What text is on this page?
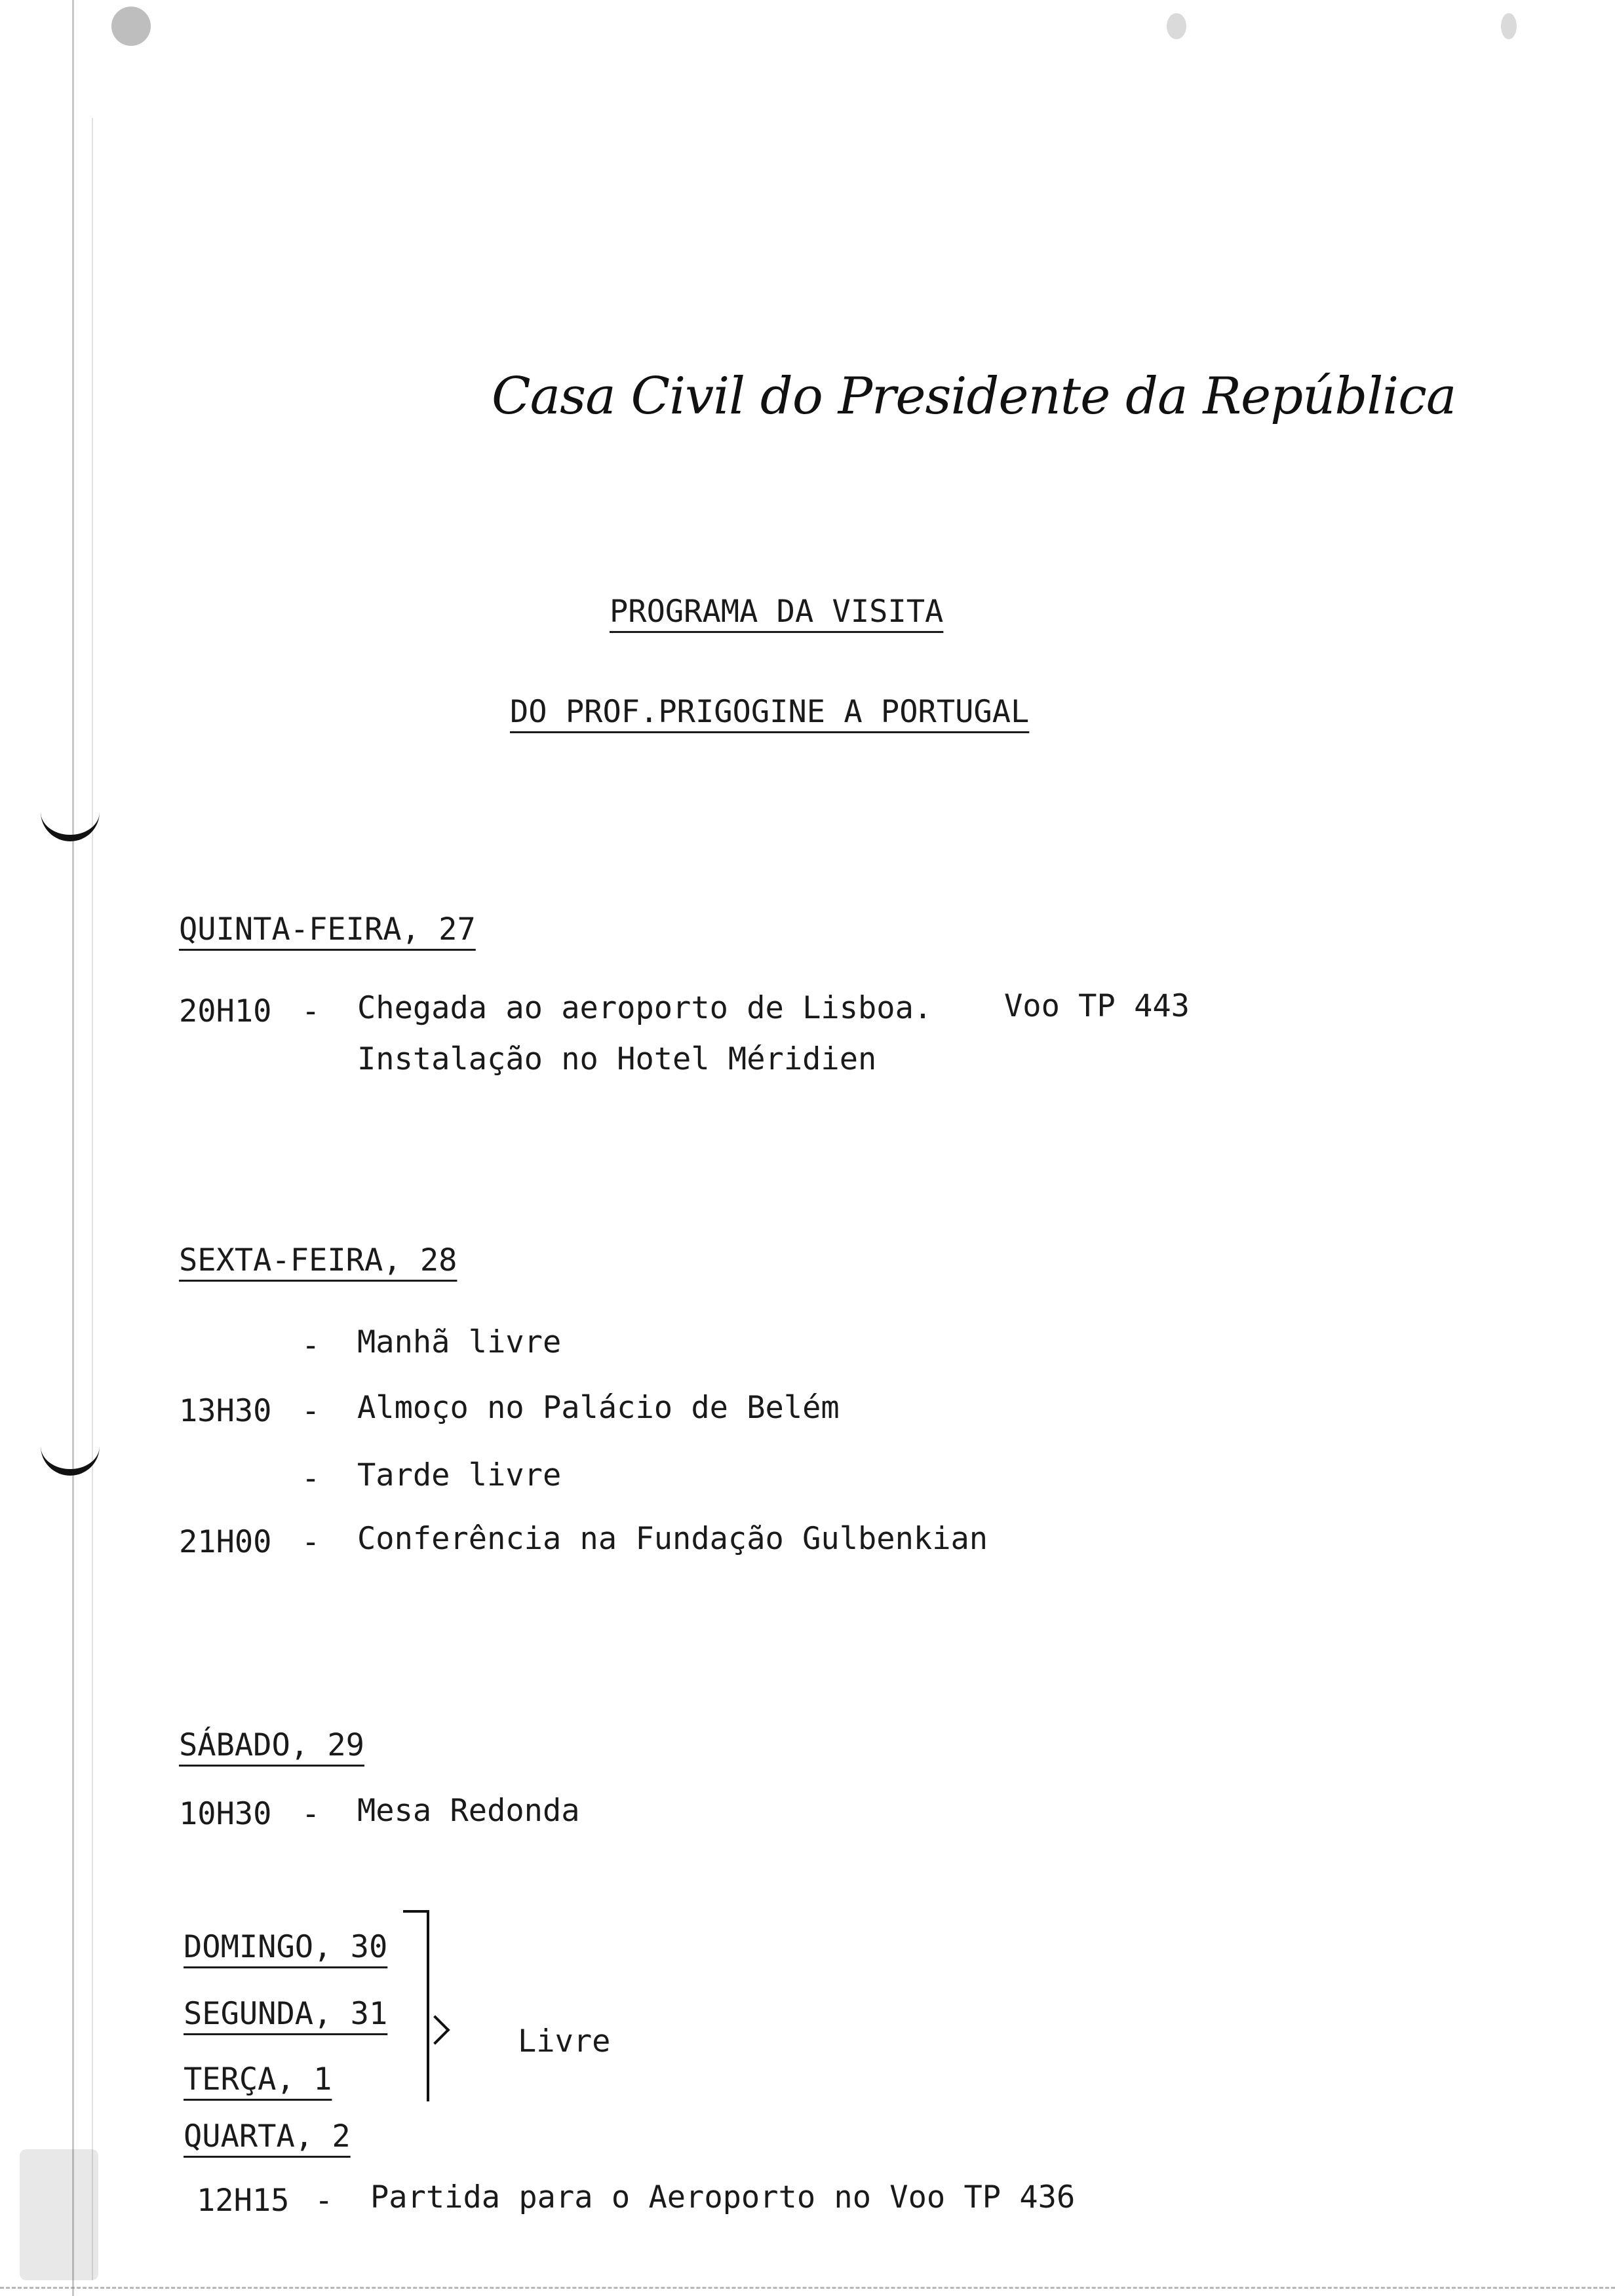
Casa Civil do Presidente da República
PROGRAMA DA VISITA
DO PROF.PRIGOGINE A PORTUGAL
QUINTA-FEIRA, 27
20H10 - Chegada ao aeroporto de Lisboa. Voo TP 443
Instalação no Hotel Méridien
SEXTA-FEIRA, 28
- Manhã livre
13H30 - Almoço no Palácio de Belém
- Tarde livre
21H00 - Conferência na Fundação Gulbenkian
SÁBADO, 29
10H30 - Mesa Redonda
DOMINGO, 30
SEGUNDA, 31
TERÇA, 1
Livre
QUARTA, 2
12H15 - Partida para o Aeroporto no Voo TP 436
